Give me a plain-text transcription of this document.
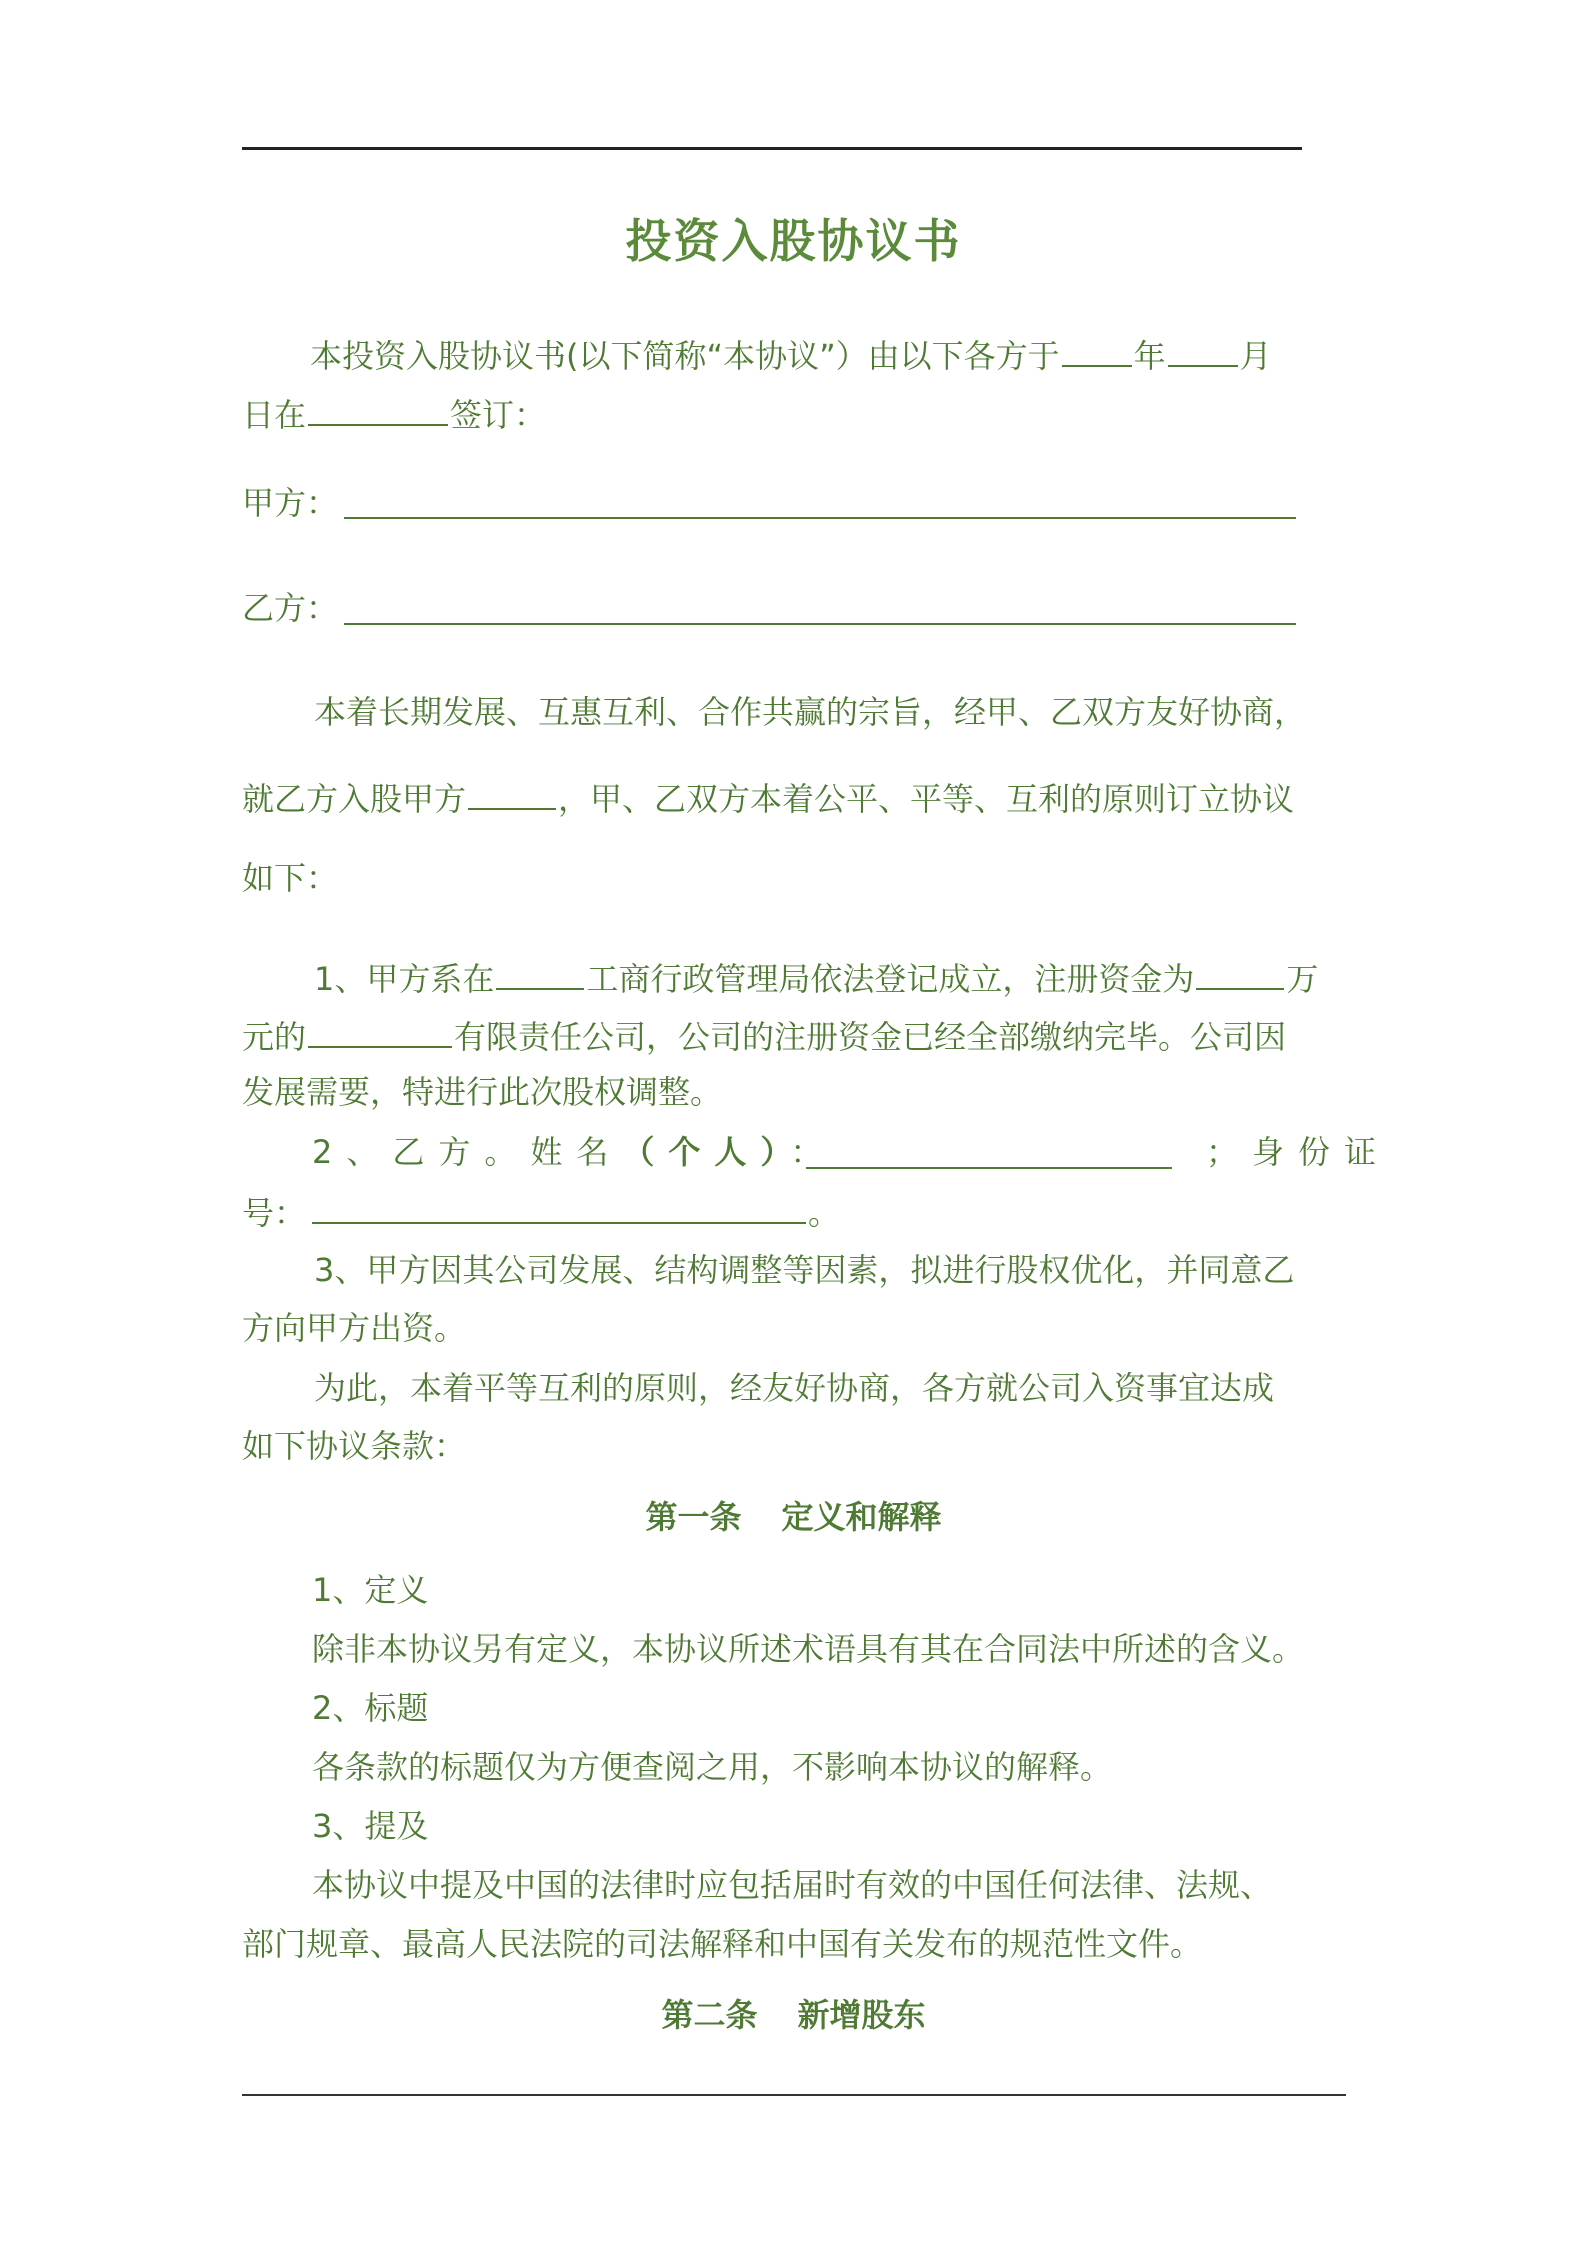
投资入股协议书
本投资入股协议书(以下简称“本协议”）由以下各方于 年 月
日在	签订：
甲方：
乙方：
本着长期发展、互惠互利、合作共赢的宗旨，经甲、乙双方友好协商，
就乙方入股甲方	，甲、乙双方本着公平、平等、互利的原则订立协议
如下：
1、甲方系在	工商行政管理局依法登记成立，注册资金为	万
元的	有限责任公司，公司的注册资金已经全部缴纳完毕。公司因
发展需要，特进行此次股权调整。
2、乙方。姓名（个人）：	；身份证
号：	。
3、甲方因其公司发展、结构调整等因素，拟进行股权优化，并同意乙
方向甲方出资。
为此，本着平等互利的原则，经友好协商，各方就公司入资事宜达成
如下协议条款：
第一条 定义和解释
1、定义
除非本协议另有定义，本协议所述术语具有其在合同法中所述的含义。
2、标题
各条款的标题仅为方便查阅之用，不影响本协议的解释。
3、提及
本协议中提及中国的法律时应包括届时有效的中国任何法律、法规、
部门规章、最高人民法院的司法解释和中国有关发布的规范性文件。
第二条 新增股东
